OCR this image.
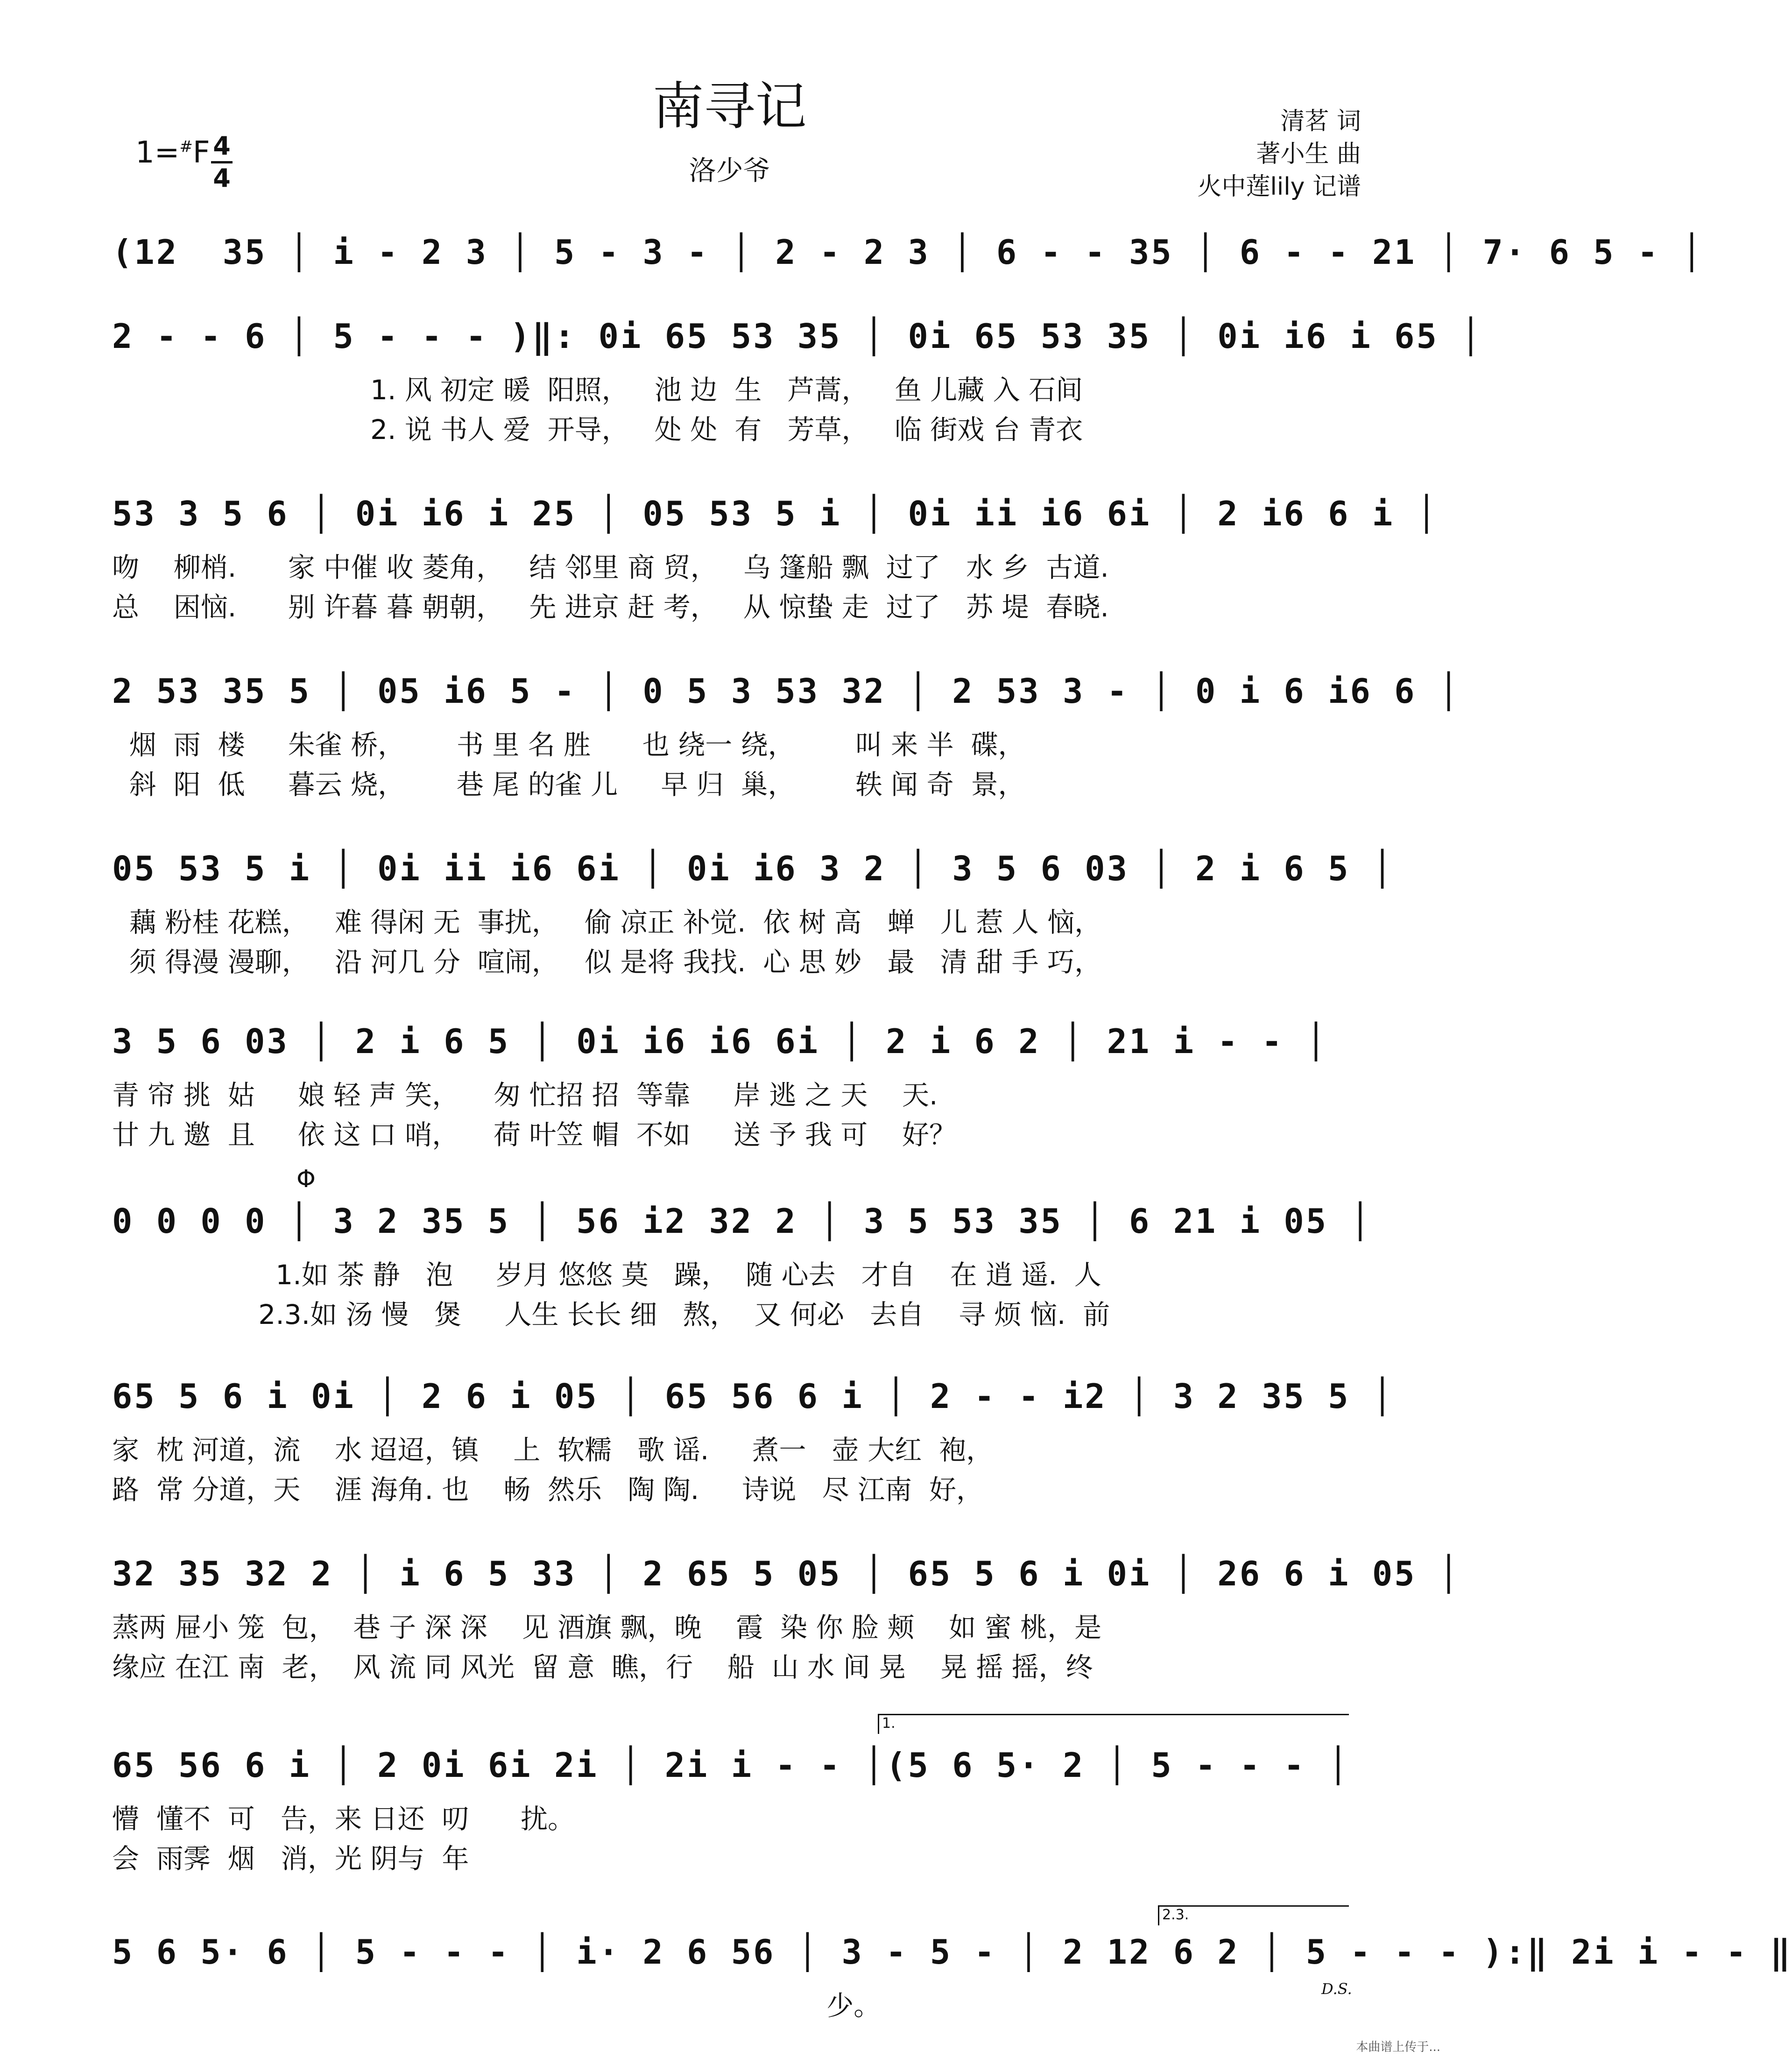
南寻记
洛少爷
1=#F 4
4
清茗 词
著小生 曲
火中莲lily 记谱
(12  35 │ i - 2 3 │ 5 - 3 - │ 2 - 2 3 │ 6 - - 35 │ 6 - - 21 │ 7· 6 5 - │
2 - - 6 │ 5 - - - )‖: 0i 65 53 35 │ 0i 65 53 35 │ 0i i6 i 65 │
1. 风 初定 暖  阳照，   池 边  生   芦蒿，   鱼 儿藏 入 石间
2. 说 书人 爱  开导，   处 处  有   芳草，   临 街戏 台 青衣
53 3 5 6 │ 0i i6 i 25 │ 05 53 5 i │ 0i ii i6 6i │ 2 i6 6 i │
吻    柳梢.      家 中催 收 菱角，   结 邻里 商 贸，   乌 篷船 飘  过了   水 乡  古道.
总    困恼.      别 许暮 暮 朝朝，   先 进京 赶 考，   从 惊蛰 走  过了   苏 堤  春晓.
2 53 35 5 │ 05 i6 5 - │ 0 5 3 53 32 │ 2 53 3 - │ 0 i 6 i6 6 │
烟  雨  楼     朱雀 桥，      书 里 名 胜      也 绕一 绕，       叫 来 半  碟，
斜  阳  低     暮云 烧，      巷 尾 的雀 儿     早 归  巢，       轶 闻 奇  景，
05 53 5 i │ 0i ii i6 6i │ 0i i6 3 2 │ 3 5 6 03 │ 2 i 6 5 │
藕 粉桂 花糕，   难 得闲 无  事扰，   偷 凉正 补觉.  依 树 高   蝉   儿 惹 人 恼，
须 得漫 漫聊，   沿 河几 分  喧闹，   似 是将 我找.  心 思 妙   最   清 甜 手 巧，
3 5 6 03 │ 2 i 6 5 │ 0i i6 i6 6i │ 2 i 6 2 │ 21 i - - │
青 帘 挑  姑     娘 轻 声 笑，    匆 忙招 招  等靠     岸 逃 之 天    天.
廿 九 邀  且     依 这 口 哨，    荷 叶笠 帽  不如     送 予 我 可    好？
Φ
0 0 0 0 │ 3 2 35 5 │ 56 i2 32 2 │ 3 5 53 35 │ 6 21 i 05 │
1.如 茶 静   泡     岁月 悠悠 莫   躁，  随 心去   才自    在 逍 遥.  人
2.3.如 汤 慢   煲     人生 长长 细   熬，  又 何必   去自    寻 烦 恼.  前
65 5 6 i 0i │ 2 6 i 05 │ 65 56 6 i │ 2 - - i2 │ 3 2 35 5 │
家  枕 河道，流    水 迢迢，镇    上  软糯   歌 谣.     煮一   壶 大红  袍，
路  常 分道，天    涯 海角. 也    畅  然乐   陶 陶.     诗说   尽 江南  好，
32 35 32 2 │ i 6 5 33 │ 2 65 5 05 │ 65 5 6 i 0i │ 26 6 i 05 │
蒸两 屉小 笼  包，  巷 子 深 深    见 酒旗 飘，晚    霞  染 你 脸 颊    如 蜜 桃，是
缘应 在江 南  老，  风 流 同 风光  留 意  瞧，行    船  山 水 间 晃    晃 摇 摇，终
1.
65 56 6 i │ 2 0i 6i 2i │ 2i i - - │(5 6 5· 2 │ 5 - - - │
懵  懂不  可   告，来 日还  叨      扰。
会  雨霁  烟   消，光 阴与  年
2.3.
5 6 5· 6 │ 5 - - - │ i· 2 6 56 │ 3 - 5 - │ 2 12 6 2 │ 5 - - - ):‖ 2i i - - ‖
少。
D.S.
本曲谱上传于...
